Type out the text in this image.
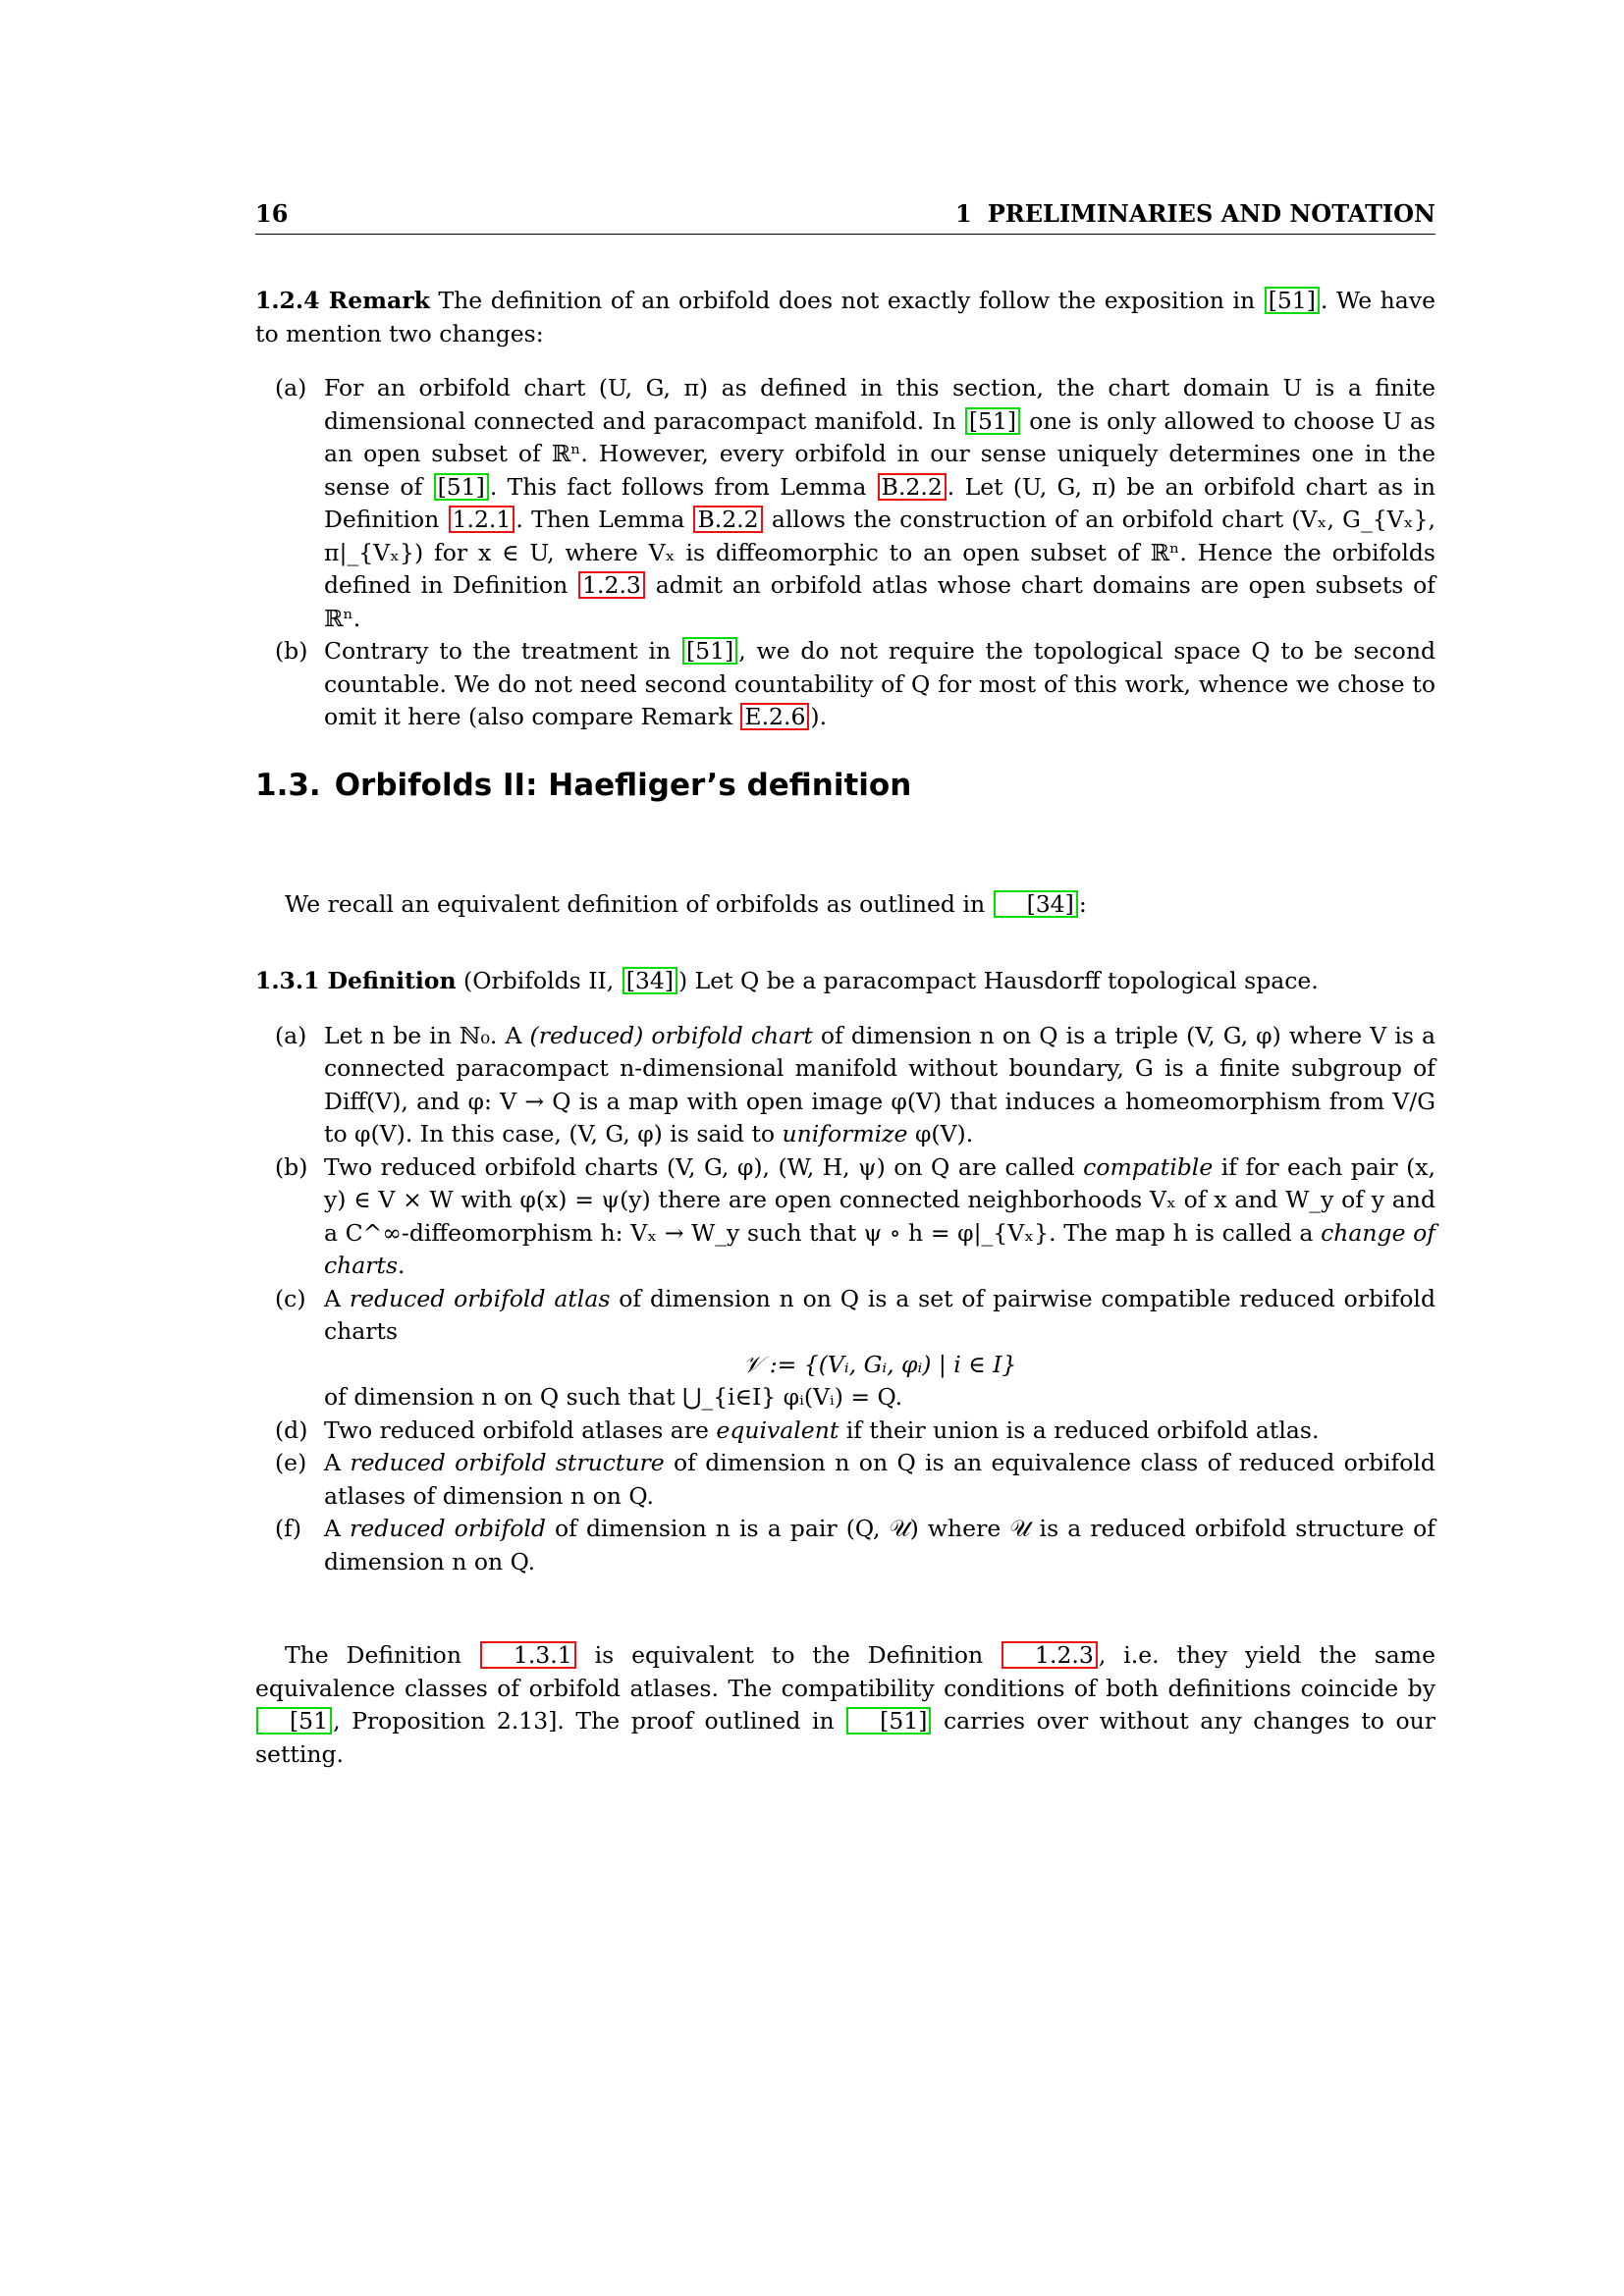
16	1 PRELIMINARIES AND NOTATION

1.2.4 Remark The definition of an orbifold does not exactly follow the exposition in [51] . We have to mention two changes:

(a) For an orbifold chart (U, G, π) as defined in this section, the chart domain U is a finite dimensional connected and paracompact manifold. In [51] one is only allowed to choose U as an open subset of ℝⁿ. However, every orbifold in our sense uniquely determines one in the sense of [51] . This fact follows from Lemma B.2.2 . Let (U, G, π) be an orbifold chart as in Definition 1.2.1 . Then Lemma B.2.2 allows the construction of an orbifold chart (Vₓ, G_{Vₓ}, π|_{Vₓ}) for x ∈ U, where Vₓ is diffeomorphic to an open subset of ℝⁿ. Hence the orbifolds defined in Definition 1.2.3 admit an orbifold atlas whose chart domains are open subsets of ℝⁿ.
(b) Contrary to the treatment in [51] , we do not require the topological space Q to be second countable. We do not need second countability of Q for most of this work, whence we chose to omit it here (also compare Remark E.2.6 ).
1.3. Orbifolds II: Haefliger’s definition
We recall an equivalent definition of orbifolds as outlined in [34] :

1.3.1 Definition (Orbifolds II, [34] ) Let Q be a paracompact Hausdorff topological space.

(a) Let n be in ℕ₀. A (reduced) orbifold chart of dimension n on Q is a triple (V, G, φ) where V is a connected paracompact n-dimensional manifold without boundary, G is a finite subgroup of Diff(V), and φ: V → Q is a map with open image φ(V) that induces a homeomorphism from V/G to φ(V). In this case, (V, G, φ) is said to uniformize φ(V).
(b) Two reduced orbifold charts (V, G, φ), (W, H, ψ) on Q are called compatible if for each pair (x, y) ∈ V × W with φ(x) = ψ(y) there are open connected neighborhoods Vₓ of x and W_y of y and a C^∞-diffeomorphism h: Vₓ → W_y such that ψ ∘ h = φ|_{Vₓ}. The map h is called a change of charts.
(c) A reduced orbifold atlas of dimension n on Q is a set of pairwise compatible reduced orbifold charts
𝒱 := {(Vᵢ, Gᵢ, φᵢ) | i ∈ I}
of dimension n on Q such that ⋃_{i∈I} φᵢ(Vᵢ) = Q.
(d) Two reduced orbifold atlases are equivalent if their union is a reduced orbifold atlas.
(e) A reduced orbifold structure of dimension n on Q is an equivalence class of reduced orbifold atlases of dimension n on Q.
(f) A reduced orbifold of dimension n is a pair (Q, 𝒰) where 𝒰 is a reduced orbifold structure of dimension n on Q.
The Definition 1.3.1 is equivalent to the Definition 1.2.3 , i.e. they yield the same equivalence classes of orbifold atlases. The compatibility conditions of both definitions coincide by [51 , Proposition 2.13]. The proof outlined in [51] carries over without any changes to our setting.
